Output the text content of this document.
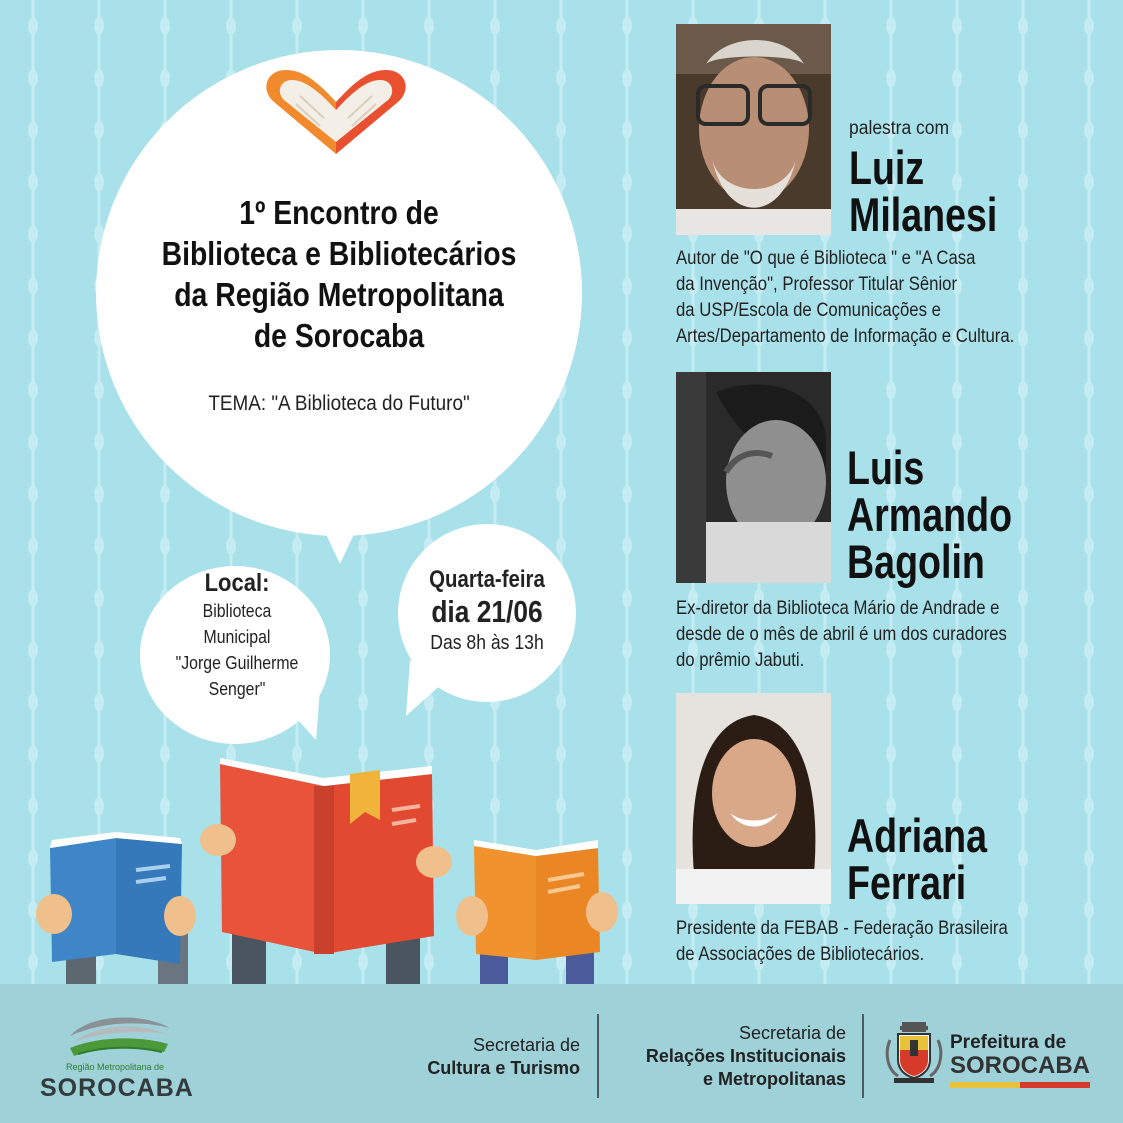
1º Encontro de
Biblioteca e Bibliotecários
da Região Metropolitana
de Sorocaba
TEMA: "A Biblioteca do Futuro"
Local:
Biblioteca
Municipal
"Jorge Guilherme
Senger"
Quarta-feira
dia 21/06
Das 8h às 13h
palestra com
Luiz
Milanesi
Autor de "O que é Biblioteca " e "A Casa
da Invenção", Professor Titular Sênior
da USP/Escola de Comunicações e
Artes/Departamento de Informação e Cultura.
Luis
Armando
Bagolin
Ex-diretor da Biblioteca Mário de Andrade e
desde de o mês de abril é um dos curadores
do prêmio Jabuti.
Adriana
Ferrari
Presidente da FEBAB - Federação Brasileira
de Associações de Bibliotecários.
Região Metropolitana de
SOROCABA
Secretaria de
Cultura e Turismo
Secretaria de
Relações Institucionais
e Metropolitanas
Prefeitura de
SOROCABA
